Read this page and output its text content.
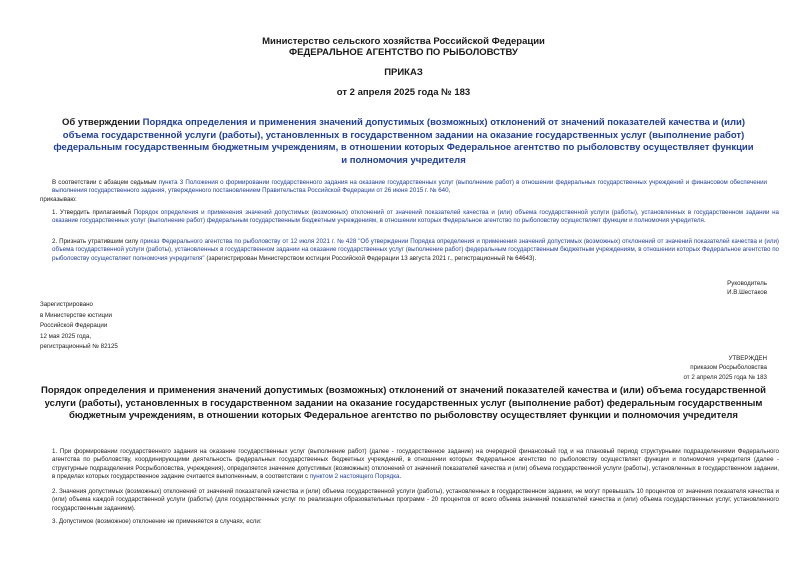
Министерство сельского хозяйства Российской Федерации
ФЕДЕРАЛЬНОЕ АГЕНТСТВО ПО РЫБОЛОВСТВУ
ПРИКАЗ
от 2 апреля 2025 года № 183
Об утверждении Порядка определения и применения значений допустимых (возможных) отклонений от значений показателей качества и (или) объема государственной услуги (работы), установленных в государственном задании на оказание государственных услуг (выполнение работ) федеральным государственным бюджетным учреждениям, в отношении которых Федеральное агентство по рыболовству осуществляет функции и полномочия учредителя
В соответствии с абзацем седьмым пункта 3 Положения о формировании государственного задания на оказание государственных услуг (выполнение работ) в отношении федеральных государственных учреждений и финансовом обеспечении выполнения государственного задания, утвержденного постановлением Правительства Российской Федерации от 26 июня 2015 г. № 640,
приказываю:
1. Утвердить прилагаемый Порядок определения и применения значений допустимых (возможных) отклонений от значений показателей качества и (или) объема государственной услуги (работы), установленных в государственном задании на оказание государственных услуг (выполнение работ) федеральным государственным бюджетным учреждениям, в отношении которых Федеральное агентство по рыболовству осуществляет функции и полномочия учредителя.
2. Признать утратившим силу приказ Федерального агентства по рыболовству от 12 июля 2021 г. № 428 "Об утверждении Порядка определения и применения значений допустимых (возможных) отклонений от значений показателей качества и (или) объема государственной услуги (работы), установленных в государственном задании на оказание государственных услуг (выполнение работ) федеральным государственным бюджетным учреждениям, в отношении которых Федеральное агентство по рыболовству осуществляет полномочия учредителя" (зарегистрирован Министерством юстиции Российской Федерации 13 августа 2021 г., регистрационный № 64643).
Руководитель
И.В.Шестаков
Зарегистрировано
в Министерстве юстиции
Российской Федерации
12 мая 2025 года,
регистрационный № 82125
УТВЕРЖДЕН
приказом Росрыболовства
от 2 апреля 2025 года № 183
Порядок определения и применения значений допустимых (возможных) отклонений от значений показателей качества и (или) объема государственной услуги (работы), установленных в государственном задании на оказание государственных услуг (выполнение работ) федеральным государственным бюджетным учреждениям, в отношении которых Федеральное агентство по рыболовству осуществляет функции и полномочия учредителя
1. При формировании государственного задания на оказание государственных услуг (выполнение работ) (далее - государственное задание) на очередной финансовый год и на плановый период структурными подразделениями Федерального агентства по рыболовству, координирующими деятельность федеральных государственных бюджетных учреждений, в отношении которых Федеральное агентство по рыболовству осуществляет функции и полномочия учредителя (далее - структурные подразделения Росрыболовства, учреждения), определяется значение допустимых (возможных) отклонений от значений показателей качества и (или) объема государственной услуги (работы), установленных в государственном задании, в пределах которых государственное задание считается выполненным, в соответствии с пунктом 2 настоящего Порядка.
2. Значения допустимых (возможных) отклонений от значений показателей качества и (или) объема государственной услуги (работы), установленных в государственном задании, не могут превышать 10 процентов от значения показателя качества и (или) объема каждой государственной услуги (работы) (для государственных услуг по реализации образовательных программ - 20 процентов от всего объема значений показателей качества и (или) объема государственных услуг, установленного государственным заданием).
3. Допустимое (возможное) отклонение не применяется в случаях, если:
